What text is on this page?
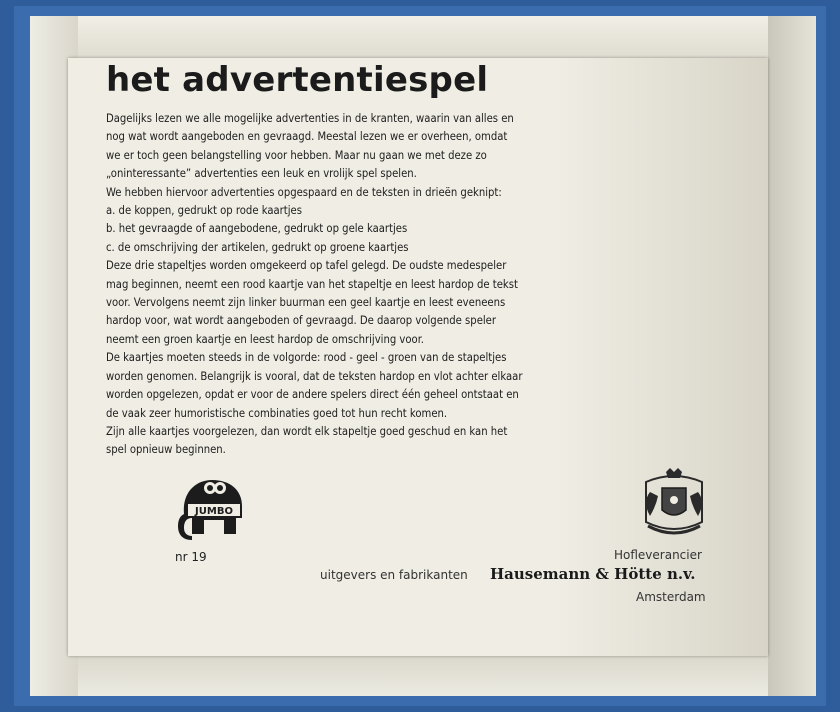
het advertentiespel
Dagelijks lezen we alle mogelijke advertenties in de kranten, waarin van alles en
nog wat wordt aangeboden en gevraagd. Meestal lezen we er overheen, omdat
we er toch geen belangstelling voor hebben. Maar nu gaan we met deze zo
„oninteressante” advertenties een leuk en vrolijk spel spelen.
We hebben hiervoor advertenties opgespaard en de teksten in drieën geknipt:
a. de koppen, gedrukt op rode kaartjes
b. het gevraagde of aangebodene, gedrukt op gele kaartjes
c. de omschrijving der artikelen, gedrukt op groene kaartjes
Deze drie stapeltjes worden omgekeerd op tafel gelegd. De oudste medespeler
mag beginnen, neemt een rood kaartje van het stapeltje en leest hardop de tekst
voor. Vervolgens neemt zijn linker buurman een geel kaartje en leest eveneens
hardop voor, wat wordt aangeboden of gevraagd. De daarop volgende speler
neemt een groen kaartje en leest hardop de omschrijving voor.
De kaartjes moeten steeds in de volgorde: rood - geel - groen van de stapeltjes
worden genomen. Belangrijk is vooral, dat de teksten hardop en vlot achter elkaar
worden opgelezen, opdat er voor de andere spelers direct één geheel ontstaat en
de vaak zeer humoristische combinaties goed tot hun recht komen.
Zijn alle kaartjes voorgelezen, dan wordt elk stapeltje goed geschud en kan het
spel opnieuw beginnen.
JUMBO
nr 19	Hofleverancier
uitgevers en fabrikanten Hausemann & Hötte n.v.
Amsterdam
